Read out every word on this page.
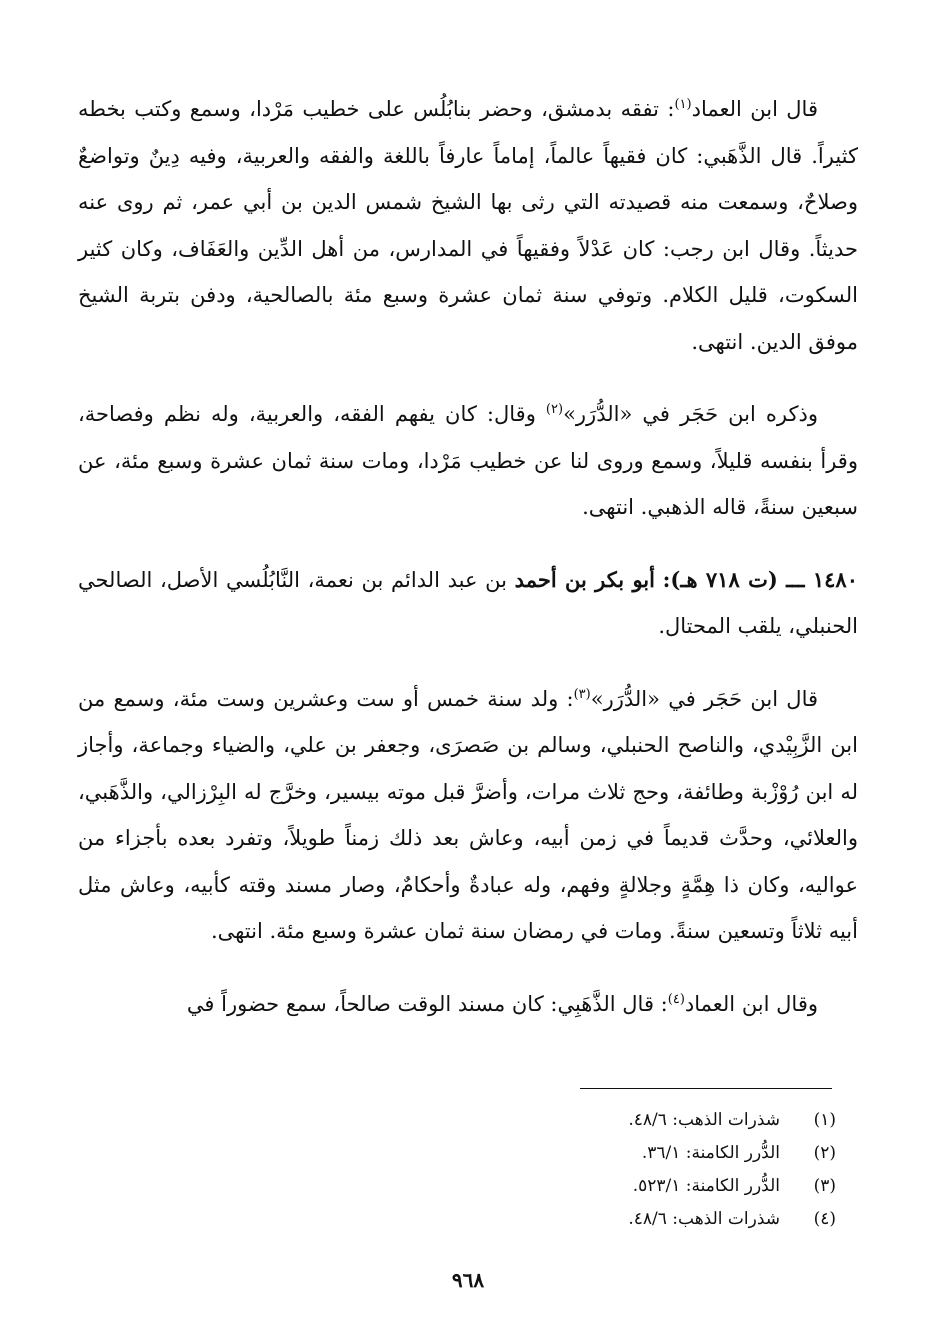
قال ابن العماد$^{(١)}$: تفقه بدمشق، وحضر بنابُلُس على خطيب مَرْدا، وسمع وكتب بخطه كثيراً. قال الذَّهَبي: كان فقيهاً عالماً، إماماً عارفاً باللغة والفقه والعربية، وفيه دِينٌ وتواضعٌ وصلاحٌ، وسمعت منه قصيدته التي رثى بها الشيخ شمس الدين بن أبي عمر، ثم روى عنه حديثاً. وقال ابن رجب: كان عَدْلاً وفقيهاً في المدارس، من أهل الدِّين والعَفَاف، وكان كثير السكوت، قليل الكلام. وتوفي سنة ثمان عشرة وسبع مئة بالصالحية، ودفن بتربة الشيخ موفق الدين. انتهى.

وذكره ابن حَجَر في «الدُّرَر»$^{(٢)}$ وقال: كان يفهم الفقه، والعربية، وله نظم وفصاحة، وقرأ بنفسه قليلاً، وسمع وروى لنا عن خطيب مَرْدا، ومات سنة ثمان عشرة وسبع مئة، عن سبعين سنةً، قاله الذهبي. انتهى.

١٤٨٠ ـــ (ت ٧١٨ هـ): أبو بكر بن أحمد بن عبد الدائم بن نعمة، النَّابُلُسي الأصل، الصالحي الحنبلي، يلقب المحتال.

قال ابن حَجَر في «الدُّرَر»$^{(٣)}$: ولد سنة خمس أو ست وعشرين وست مئة، وسمع من ابن الزَّبِيْدي، والناصح الحنبلي، وسالم بن صَصرَى، وجعفر بن علي، والضياء وجماعة، وأجاز له ابن رُوْزْبة وطائفة، وحج ثلاث مرات، وأضرَّ قبل موته بيسير، وخرَّج له البِرْزالي، والذَّهَبي، والعلائي، وحدَّث قديماً في زمن أبيه، وعاش بعد ذلك زمناً طويلاً، وتفرد بعده بأجزاء من عواليه، وكان ذا هِمَّةٍ وجلالةٍ وفهم، وله عبادةٌ وأحكامٌ، وصار مسند وقته كأبيه، وعاش مثل أبيه ثلاثاً وتسعين سنةً. ومات في رمضان سنة ثمان عشرة وسبع مئة. انتهى.

وقال ابن العماد$^{(٤)}$: قال الذَّهَبِي: كان مسند الوقت صالحاً، سمع حضوراً في

(١)
شذرات الذهب: ٤٨/٦.
(٢)
الدُّرر الكامنة: ٣٦/١.
(٣)
الدُّرر الكامنة: ٥٢٣/١.
(٤)
شذرات الذهب: ٤٨/٦.
٩٦٨
